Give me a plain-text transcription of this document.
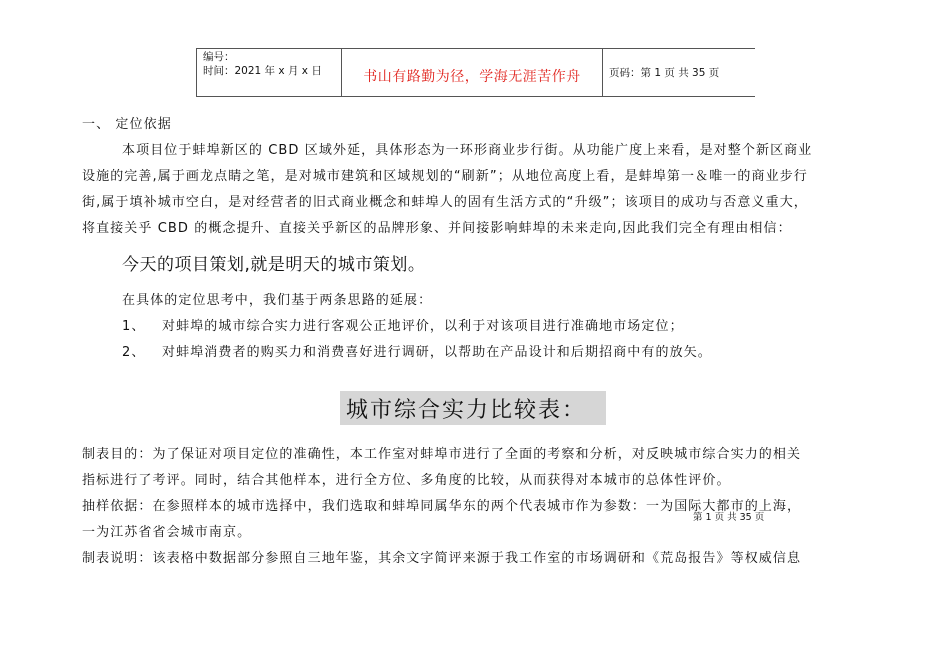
编号：
时间：2021 年 x 月 x 日	书山有路勤为径，学海无涯苦作舟	页码：第 1 页 共 35 页
一、 定位依据
本项目位于蚌埠新区的 CBD 区域外延，具体形态为一环形商业步行街。从功能广度上来看，是对整个新区商业
设施的完善,属于画龙点睛之笔，是对城市建筑和区域规划的“刷新”；从地位高度上看，是蚌埠第一＆唯一的商业步行
街,属于填补城市空白，是对经营者的旧式商业概念和蚌埠人的固有生活方式的“升级”；该项目的成功与否意义重大，
将直接关乎 CBD 的概念提升、直接关乎新区的品牌形象、并间接影响蚌埠的未来走向,因此我们完全有理由相信：
今天的项目策划,就是明天的城市策划。
在具体的定位思考中，我们基于两条思路的延展：
1、 对蚌埠的城市综合实力进行客观公正地评价，以利于对该项目进行准确地市场定位；
2、 对蚌埠消费者的购买力和消费喜好进行调研，以帮助在产品设计和后期招商中有的放矢。
城市综合实力比较表：
制表目的：为了保证对项目定位的准确性，本工作室对蚌埠市进行了全面的考察和分析，对反映城市综合实力的相关
指标进行了考评。同时，结合其他样本，进行全方位、多角度的比较，从而获得对本城市的总体性评价。
抽样依据：在参照样本的城市选择中，我们选取和蚌埠同属华东的两个代表城市作为参数：一为国际大都市的上海，
一为江苏省省会城市南京。
第 1 页 共 35 页
制表说明：该表格中数据部分参照自三地年鉴，其余文字简评来源于我工作室的市场调研和《荒岛报告》等权威信息
